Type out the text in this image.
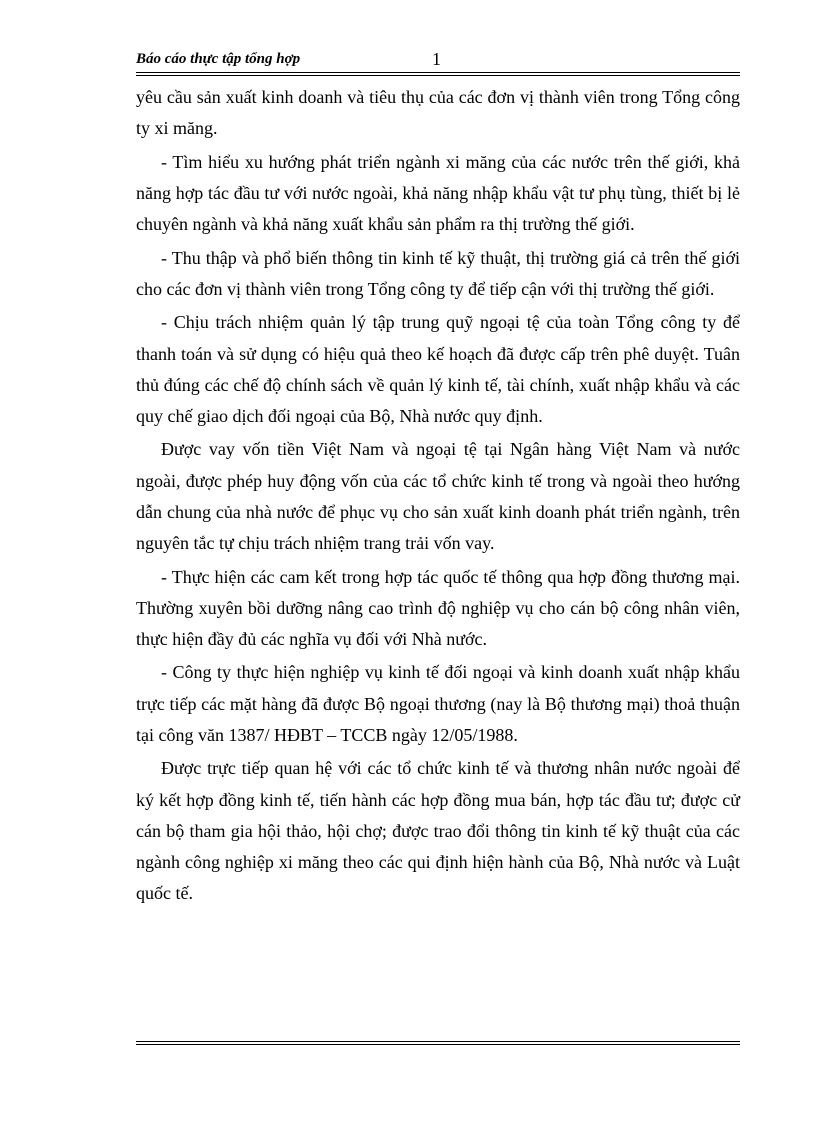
Báo cáo thực tập tổng hợp	1

yêu cầu sản xuất kinh doanh và tiêu thụ của các đơn vị thành viên trong Tổng công ty xi măng.

- Tìm hiểu xu hướng phát triển ngành xi măng của các nước trên thế giới, khả năng hợp tác đầu tư với nước ngoài, khả năng nhập khẩu vật tư phụ tùng, thiết bị lẻ chuyên ngành và khả năng xuất khẩu sản phẩm ra thị trường thế giới.

- Thu thập và phổ biến thông tin kinh tế kỹ thuật, thị trường giá cả trên thế giới cho các đơn vị thành viên trong Tổng công ty để tiếp cận với thị trường thế giới.

- Chịu trách nhiệm quản lý tập trung quỹ ngoại tệ của toàn Tổng công ty để thanh toán và sử dụng có hiệu quả theo kế hoạch đã được cấp trên phê duyệt. Tuân thủ đúng các chế độ chính sách về quản lý kinh tế, tài chính, xuất nhập khẩu và các quy chế giao dịch đối ngoại của Bộ, Nhà nước quy định.

Được vay vốn tiền Việt Nam và ngoại tệ tại Ngân hàng Việt Nam và nước ngoài, được phép huy động vốn của các tổ chức kinh tế trong và ngoài theo hướng dẫn chung của nhà nước để phục vụ cho sản xuất kinh doanh phát triển ngành, trên nguyên tắc tự chịu trách nhiệm trang trải vốn vay.

- Thực hiện các cam kết trong hợp tác quốc tế thông qua hợp đồng thương mại. Thường xuyên bồi dưỡng nâng cao trình độ nghiệp vụ cho cán bộ công nhân viên, thực hiện đầy đủ các nghĩa vụ đối với Nhà nước.

- Công ty thực hiện nghiệp vụ kinh tế đối ngoại và kinh doanh xuất nhập khẩu trực tiếp các mặt hàng đã được Bộ ngoại thương (nay là Bộ thương mại) thoả thuận tại công văn 1387/ HĐBT – TCCB ngày 12/05/1988.

Được trực tiếp quan hệ với các tổ chức kinh tế và thương nhân nước ngoài để ký kết hợp đồng kinh tế, tiến hành các hợp đồng mua bán, hợp tác đầu tư; được cử cán bộ tham gia hội thảo, hội chợ; được trao đổi thông tin kinh tế kỹ thuật của các ngành công nghiệp xi măng theo các qui định hiện hành của Bộ, Nhà nước và Luật quốc tế.
